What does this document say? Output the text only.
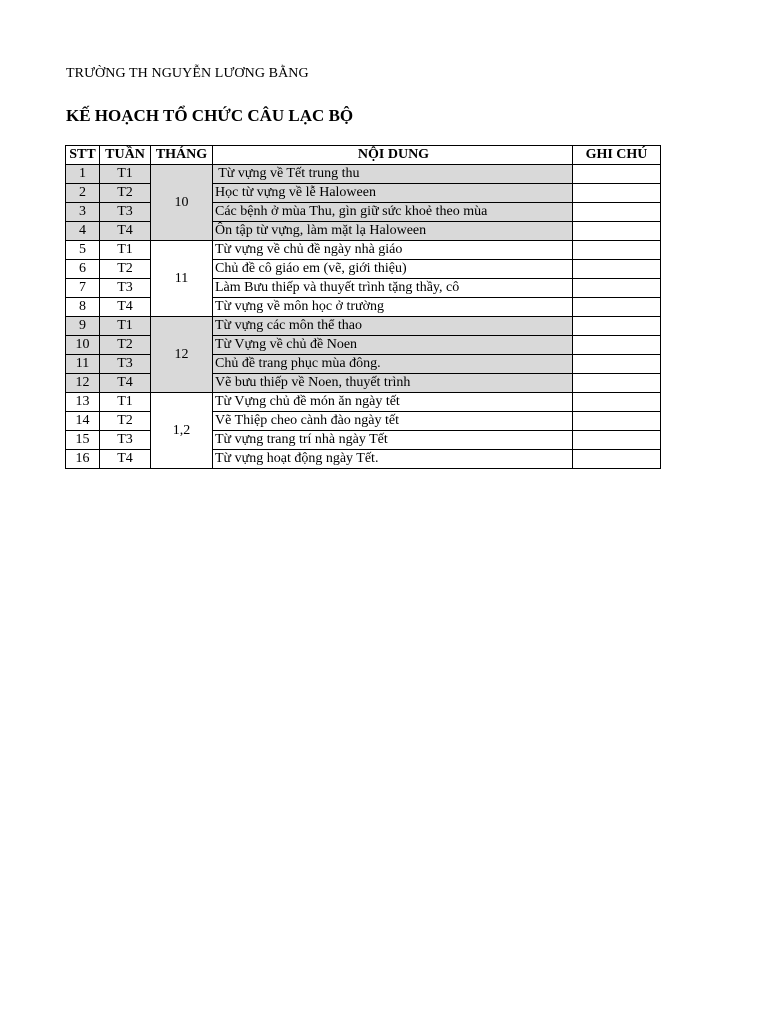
TRƯỜNG TH NGUYỄN LƯƠNG BẰNG
KẾ HOẠCH TỔ CHỨC CÂU LẠC BỘ
STT	TUẦN	THÁNG	NỘI DUNG	GHI CHÚ
1	T1	10	Từ vựng về Tết trung thu	
2	T2		Học từ vựng về lễ Haloween	
3	T3		Các bệnh ở mùa Thu, gìn giữ sức khoẻ theo mùa	
4	T4		Ôn tập từ vựng, làm mặt lạ Haloween	
5	T1	11	Từ vựng về chủ đề ngày nhà giáo	
6	T2		Chủ đề cô giáo em (vẽ, giới thiệu)	
7	T3		Làm Bưu thiếp và thuyết trình tặng thầy, cô	
8	T4		Từ vựng về môn học ở trường	
9	T1	12	Từ vựng các môn thể thao	
10	T2		Từ Vựng về chủ đề Noen	
11	T3		Chủ đề trang phục mùa đông.	
12	T4		Vẽ bưu thiếp về Noen, thuyết trình	
13	T1	1,2	Từ Vựng chủ đề món ăn ngày tết	
14	T2		Vẽ Thiệp cheo cành đào ngày tết	
15	T3		Từ vựng trang trí nhà ngày Tết	
16	T4		Từ vựng hoạt động ngày Tết.	
